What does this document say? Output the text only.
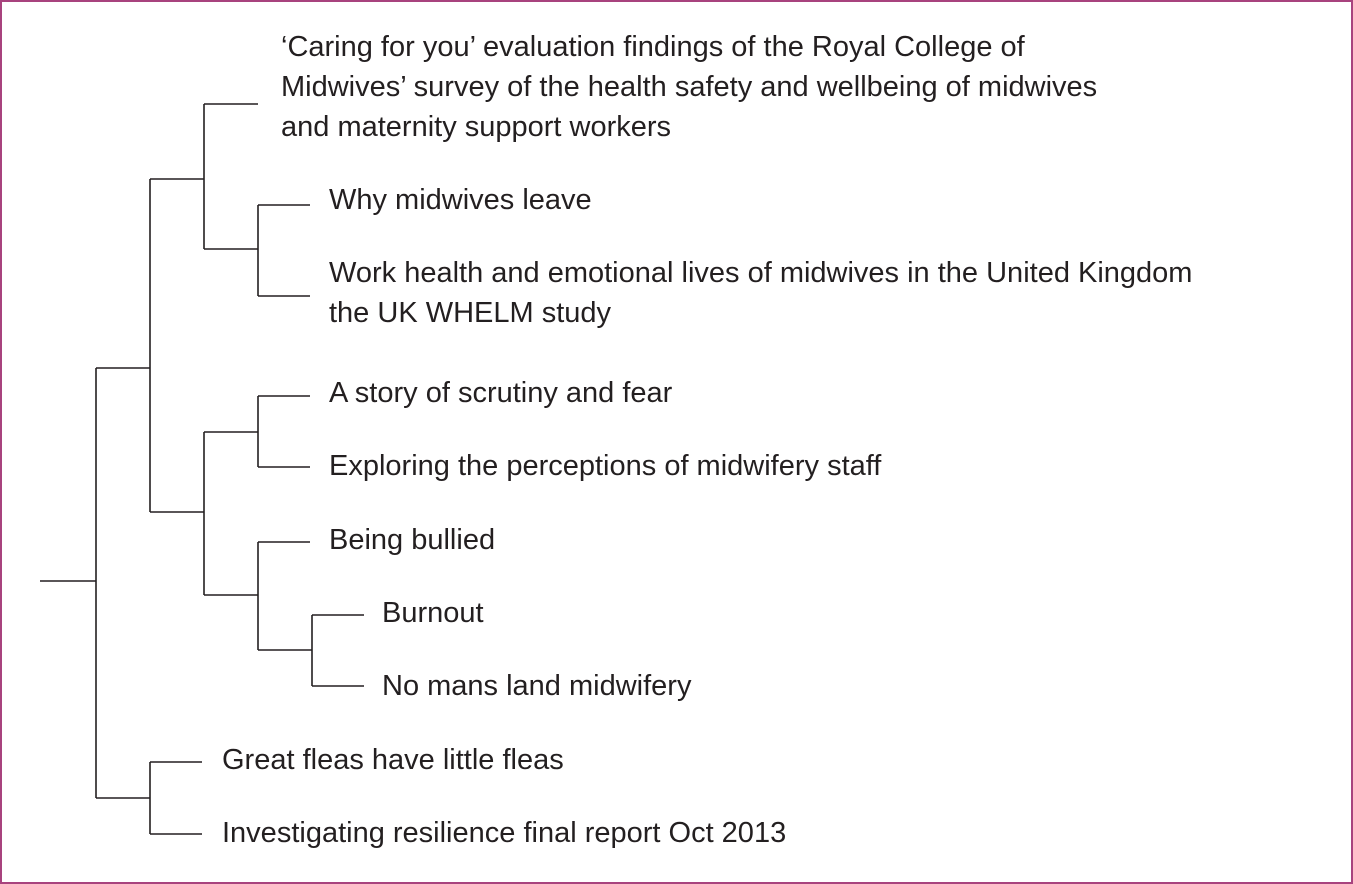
‘Caring for you’ evaluation findings of the Royal College of
Midwives’ survey of the health safety and wellbeing of midwives
and maternity support workers
Why midwives leave
Work health and emotional lives of midwives in the United Kingdom
the UK WHELM study
A story of scrutiny and fear
Exploring the perceptions of midwifery staff
Being bullied
Burnout
No mans land midwifery
Great fleas have little fleas
Investigating resilience final report Oct 2013
